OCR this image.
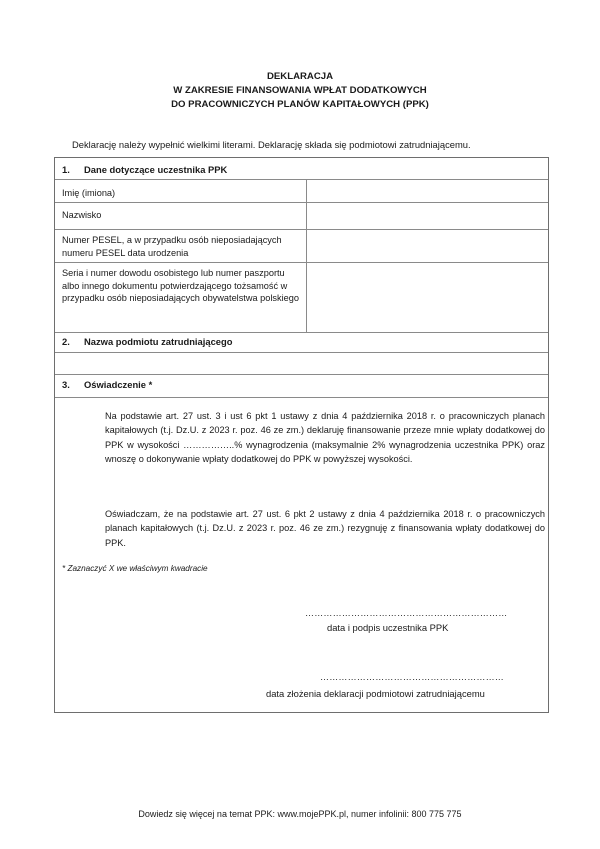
DEKLARACJA
W ZAKRESIE FINANSOWANIA WPŁAT DODATKOWYCH
DO PRACOWNICZYCH PLANÓW KAPITAŁOWYCH (PPK)
Deklarację należy wypełnić wielkimi literami. Deklarację składa się podmiotowi zatrudniającemu.
1. Dane dotyczące uczestnika PPK
Imię (imiona)
Nazwisko
Numer PESEL, a w przypadku osób nieposiadających numeru PESEL data urodzenia
Seria i numer dowodu osobistego lub numer paszportu albo innego dokumentu potwierdzającego tożsamość w przypadku osób nieposiadających obywatelstwa polskiego
2. Nazwa podmiotu zatrudniającego
3. Oświadczenie *
Na podstawie art. 27 ust. 3 i ust 6 pkt 1 ustawy z dnia 4 października 2018 r. o pracowniczych planach kapitałowych (t.j. Dz.U. z 2023 r. poz. 46 ze zm.) deklaruję finansowanie przeze mnie wpłaty dodatkowej do PPK w wysokości ……………..% wynagrodzenia (maksymalnie 2% wynagrodzenia uczestnika PPK) oraz wnoszę o dokonywanie wpłaty dodatkowej do PPK w powyższej wysokości.
Oświadczam, że na podstawie art. 27 ust. 6 pkt 2 ustawy z dnia 4 października 2018 r. o pracowniczych planach kapitałowych (t.j. Dz.U. z 2023 r. poz. 46 ze zm.) rezygnuję z finansowania wpłaty dodatkowej do PPK.
* Zaznaczyć X we właściwym kwadracie
…………………………………………………………
data i podpis uczestnika PPK
……………………………………………………
data złożenia deklaracji podmiotowi zatrudniającemu
Dowiedz się więcej na temat PPK: www.mojePPK.pl, numer infolinii: 800 775 775
